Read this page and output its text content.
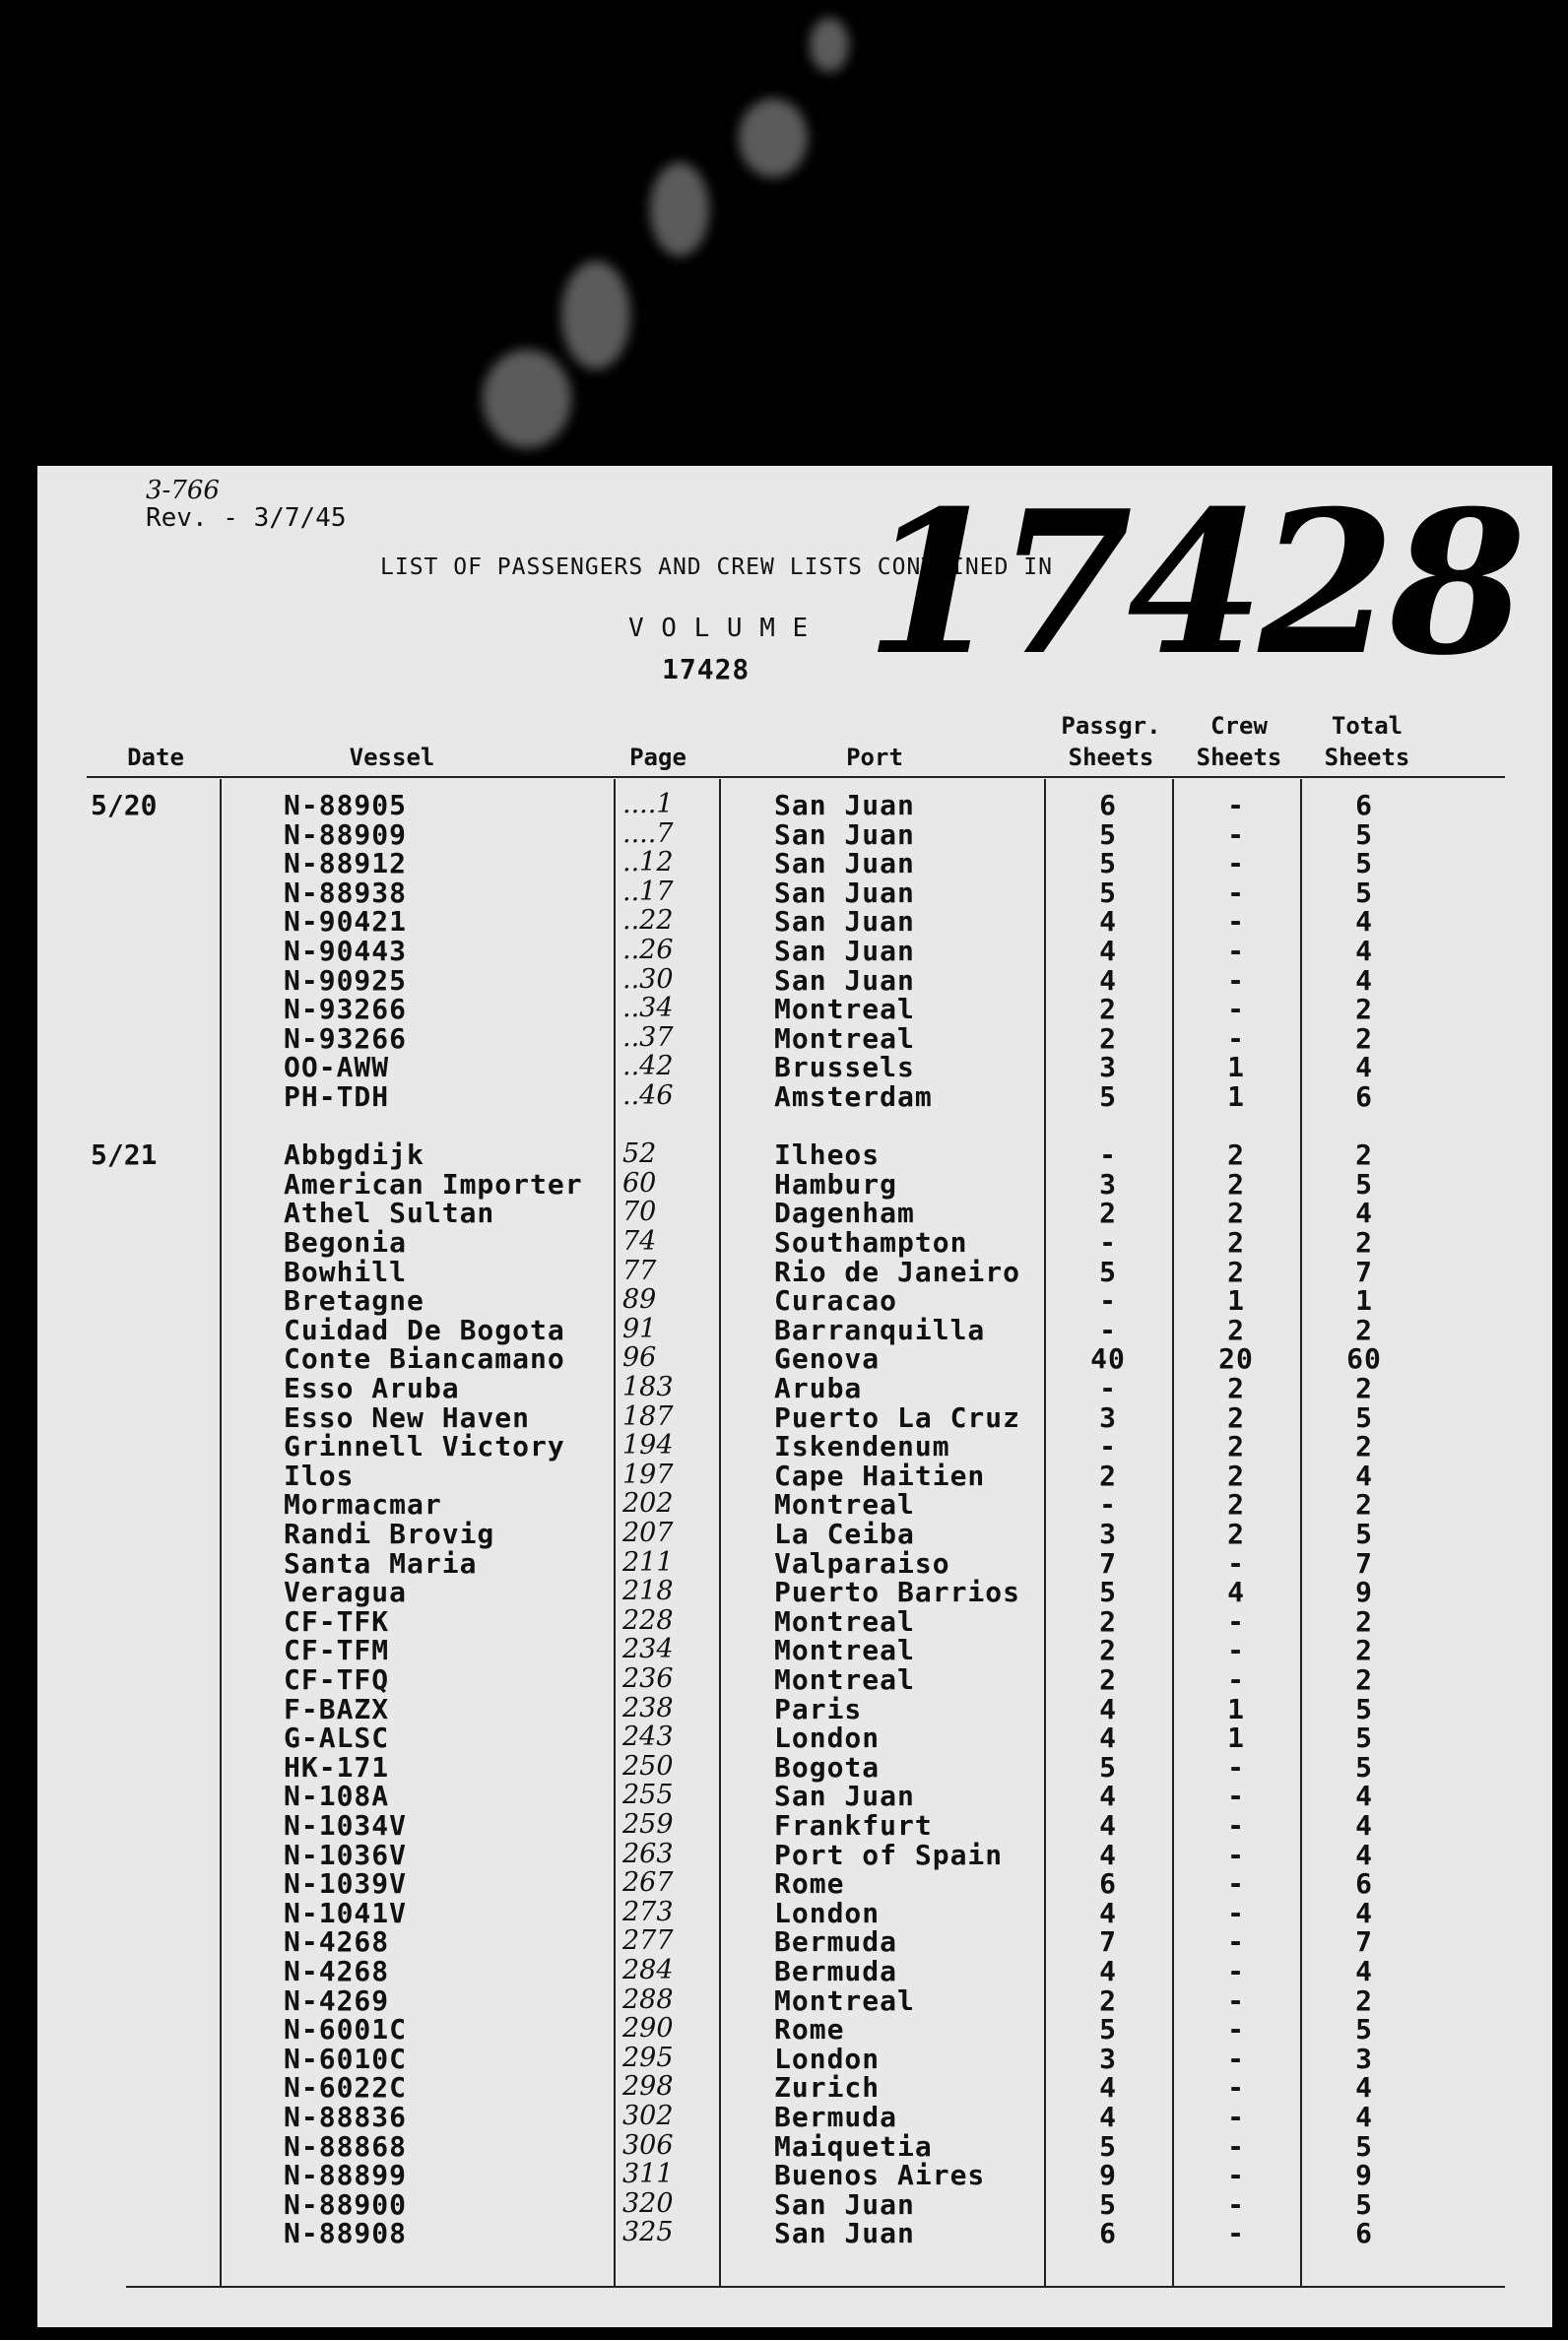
3-766
Rev. - 3/7/45
LIST OF PASSENGERS AND CREW LISTS CONTAINED IN
V O L U M E
17428 17428
Date	Vessel	Page	Port
Passgr.
Sheets
Crew
Sheets
Total
Sheets
5/20	N-88905	....1	San Juan	6	-	6
N-88909	....7	San Juan	5	-	5
N-88912	..12	San Juan	5	-	5
N-88938	..17	San Juan	5	-	5
N-90421	..22	San Juan	4	-	4
N-90443	..26	San Juan	4	-	4
N-90925	..30	San Juan	4	-	4
N-93266	..34	Montreal	2	-	2
N-93266	..37	Montreal	2	-	2
OO-AWW	..42	Brussels	3	1	4
PH-TDH	..46	Amsterdam	5	1	6
5/21	Abbgdijk	52	Ilheos	-	2	2
American Importer 60	Hamburg	3	2	5
Athel Sultan	70	Dagenham	2	2	4
Begonia	74	Southampton	-	2	2
Bowhill	77	Rio de Janeiro	5	2	7
Bretagne	89	Curacao	-	1	1
Cuidad De Bogota 91	Barranquilla	-	2	2
Conte Biancamano 96	Genova	40	20	60
Esso Aruba	183	Aruba	-	2	2
Esso New Haven	187	Puerto La Cruz	3	2	5
Grinnell Victory 194	Iskendenum	-	2	2
Ilos	197	Cape Haitien	2	2	4
Mormacmar	202	Montreal	-	2	2
Randi Brovig	207	La Ceiba	3	2	5
Santa Maria	211	Valparaiso	7	-	7
Veragua	218	Puerto Barrios	5	4	9
CF-TFK	228	Montreal	2	-	2
CF-TFM	234	Montreal	2	-	2
CF-TFQ	236	Montreal	2	-	2
F-BAZX	238	Paris	4	1	5
G-ALSC	243	London	4	1	5
HK-171	250	Bogota	5	-	5
N-108A	255	San Juan	4	-	4
N-1034V	259	Frankfurt	4	-	4
N-1036V	263	Port of Spain	4	-	4
N-1039V	267	Rome	6	-	6
N-1041V	273	London	4	-	4
N-4268	277	Bermuda	7	-	7
N-4268	284	Bermuda	4	-	4
N-4269	288	Montreal	2	-	2
N-6001C	290	Rome	5	-	5
N-6010C	295	London	3	-	3
N-6022C	298	Zurich	4	-	4
N-88836	302	Bermuda	4	-	4
N-88868	306	Maiquetia	5	-	5
N-88899	311	Buenos Aires	9	-	9
N-88900	320	San Juan	5	-	5
N-88908	325	San Juan	6	-	6
